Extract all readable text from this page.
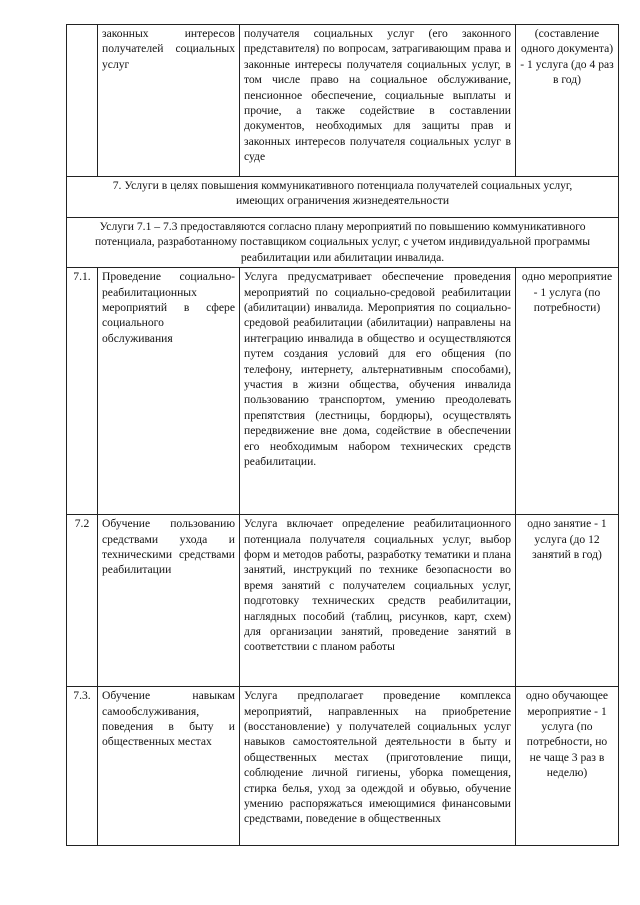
	законных интересов получателей социальных услуг	получателя социальных услуг (его законного представителя) по вопросам, затрагивающим права и законные интересы получателя социальных услуг, в том числе право на социальное обслуживание, пенсионное обеспечение, социальные выплаты и прочие, а также содействие в составлении документов, необходимых для защиты прав и законных интересов получателя социальных услуг в суде	(составление одного документа) - 1 услуга (до 4 раз в год)

7. Услуги в целях повышения коммуникативного потенциала получателей социальных услуг,
имеющих ограничения жизнедеятельности			

Услуги 7.1 – 7.3 предоставляются согласно плану мероприятий по повышению коммуникативного потенциала, разработанному поставщиком социальных услуг, с учетом индивидуальной программы реабилитации или абилитации инвалида.			
7.1.	Проведение социально-реабилитационных мероприятий в сфере социального обслуживания	Услуга предусматривает обеспечение проведения мероприятий по социально-средовой реабилитации (абилитации) инвалида. Мероприятия по социально-средовой реабилитации (абилитации) направлены на интеграцию инвалида в общество и осуществляются путем создания условий для его общения (по телефону, интернету, альтернативным способами), участия в жизни общества, обучения инвалида пользованию транспортом, умению преодолевать препятствия (лестницы, бордюры), осуществлять передвижение вне дома, содействие в обеспечении его необходимым набором технических средств реабилитации.	одно мероприятие - 1 услуга (по потребности)
7.2	Обучение пользованию средствами ухода и техническими средствами реабилитации	Услуга включает определение реабилитационного потенциала получателя социальных услуг, выбор форм и методов работы, разработку тематики и плана занятий, инструкций по технике безопасности во время занятий с получателем социальных услуг, подготовку технических средств реабилитации, наглядных пособий (таблиц, рисунков, карт, схем) для организации занятий, проведение занятий в соответствии с планом работы	одно занятие - 1 услуга (до 12 занятий в год)
7.3.	Обучение навыкам самообслуживания, поведения в быту и общественных местах	Услуга предполагает проведение комплекса мероприятий, направленных на приобретение (восстановление) у получателей социальных услуг навыков самостоятельной деятельности в быту и общественных местах (приготовление пищи, соблюдение личной гигиены, уборка помещения, стирка белья, уход за одеждой и обувью, обучение умению распоряжаться имеющимися финансовыми средствами, поведение в общественных	одно обучающее мероприятие - 1 услуга (по потребности, но не чаще 3 раз в неделю)
